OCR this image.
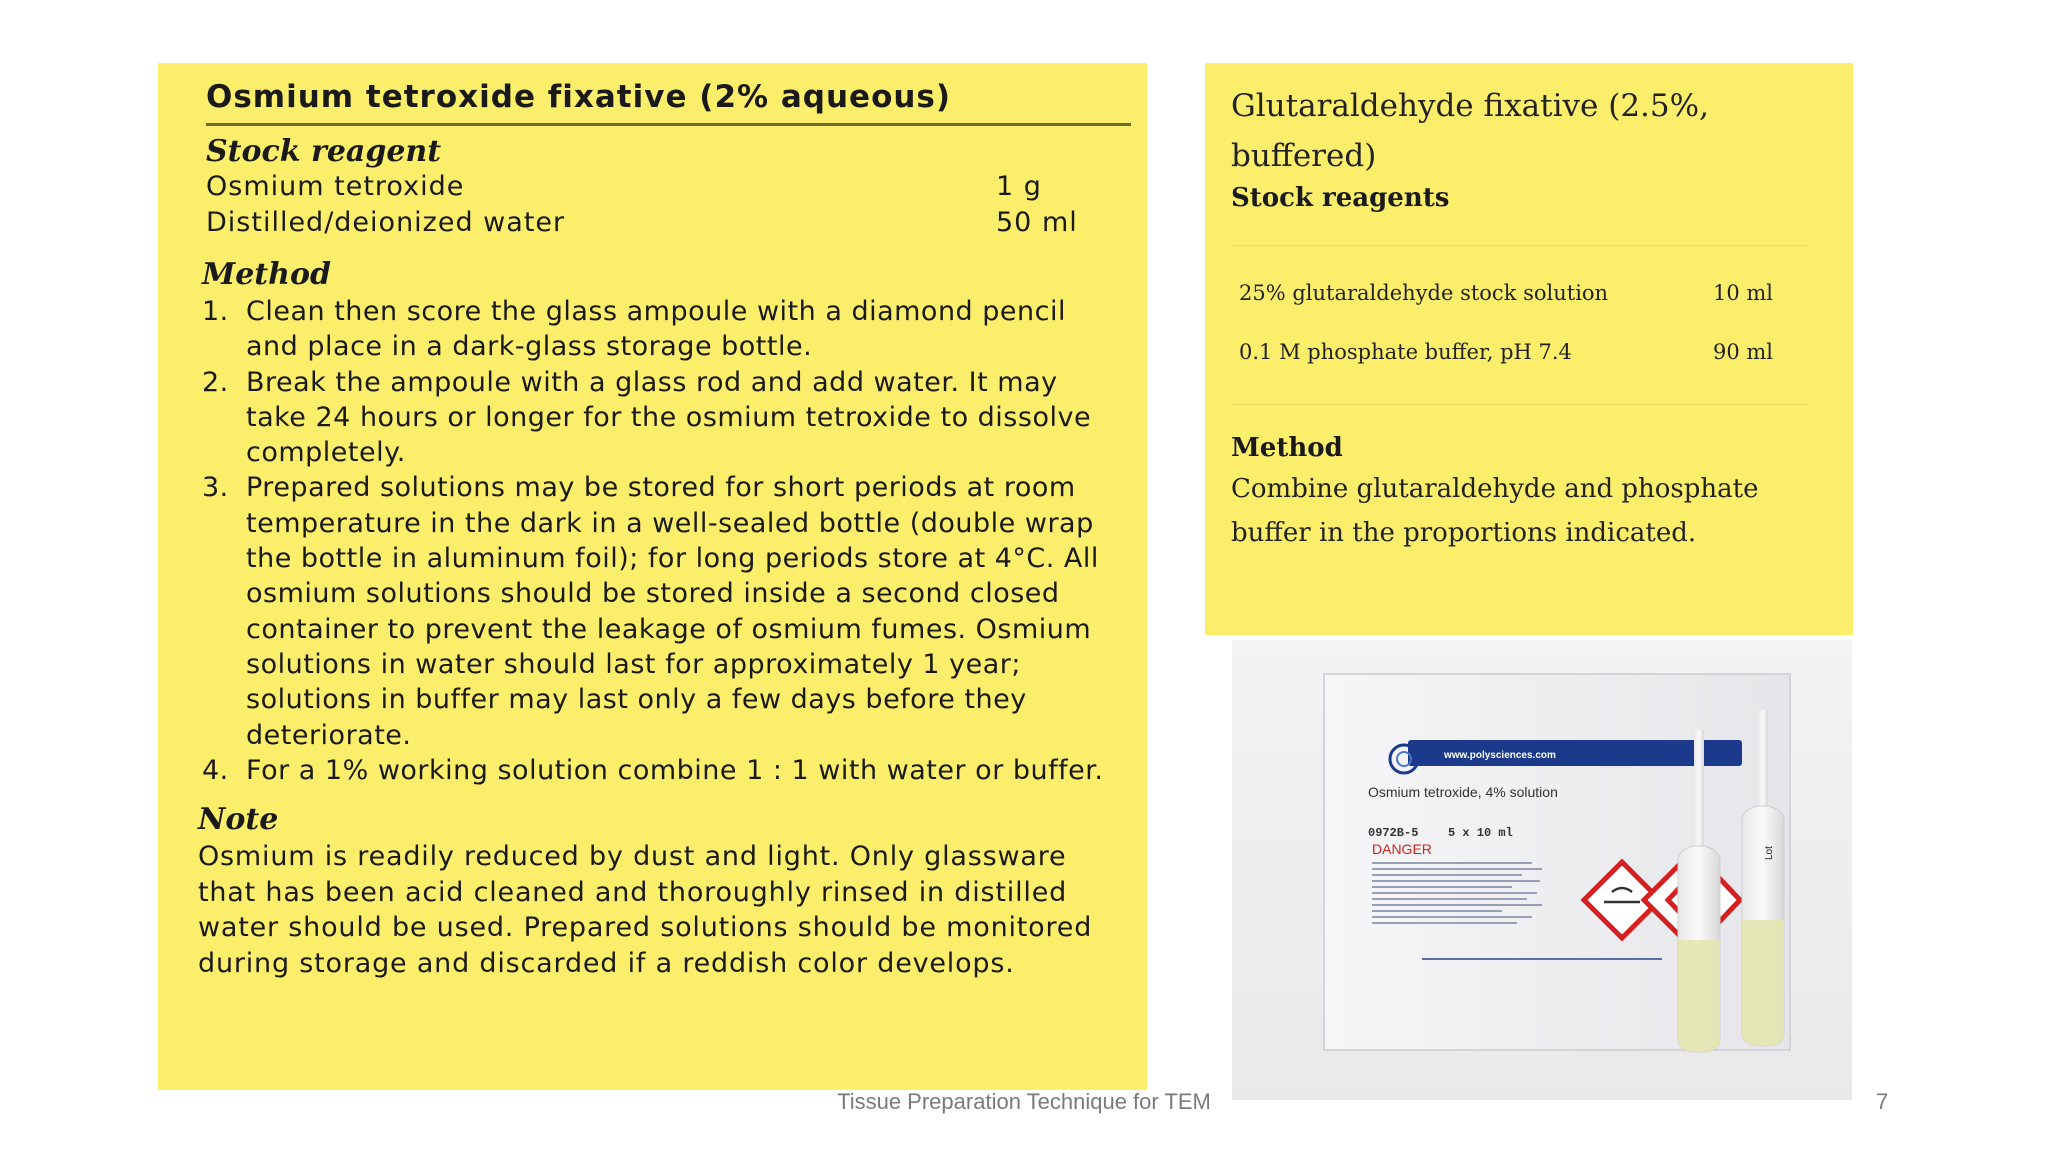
Osmium tetroxide fixative (2% aqueous)
Stock reagent
Osmium tetroxide	1 g
Distilled/deionized water	50 ml
Method
1. Clean then score the glass ampoule with a diamond pencil and place in a dark-glass storage bottle.
2. Break the ampoule with a glass rod and add water. It may take 24 hours or longer for the osmium tetroxide to dissolve completely.
3. Prepared solutions may be stored for short periods at room temperature in the dark in a well-sealed bottle (double wrap the bottle in aluminum foil); for long periods store at 4°C. All osmium solutions should be stored inside a second closed container to prevent the leakage of osmium fumes. Osmium solutions in water should last for approximately 1 year; solutions in buffer may last only a few days before they deteriorate.
4. For a 1% working solution combine 1 : 1 with water or buffer.
Note
Osmium is readily reduced by dust and light. Only glassware that has been acid cleaned and thoroughly rinsed in distilled water should be used. Prepared solutions should be monitored during storage and discarded if a reddish color develops.
Glutaraldehyde fixative (2.5%, buffered)
Stock reagents
25% glutaraldehyde stock solution	10 ml
0.1 M phosphate buffer, pH 7.4	90 ml
Method
Combine glutaraldehyde and phosphate buffer in the proportions indicated.
www.polysciences.com
Osmium tetroxide, 4% solution
0972B-5 5 x 10 ml
DANGER	Lot
Tissue Preparation Technique for TEM	7
